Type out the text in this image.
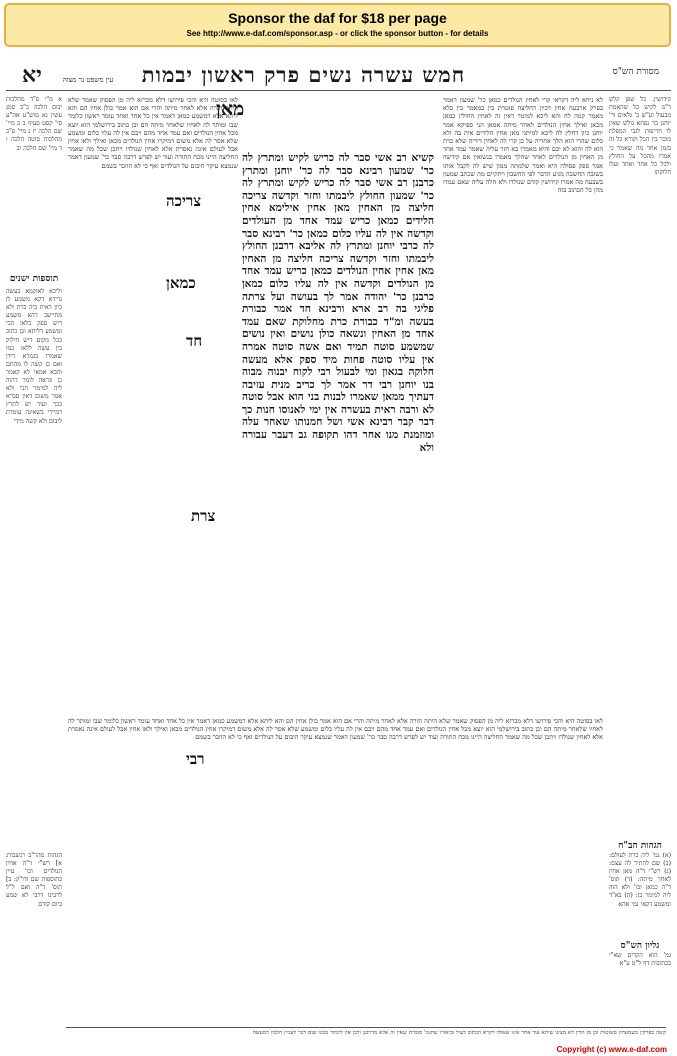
Sponsor the daf for $18 per page
See http://www.e-daf.com/sponsor.asp - or click the sponsor button - for details
מסורת הש"ס
חמש עשרה נשים פרק ראשון יבמות
יא	עין משפט נר מצוה
קידושין. כל שפן קלש ד"מ לקיש כל שהאמת מבעול וע"ש ב' גלאים ור' יוחנן בר נפחא גולש שאין לו חריפות לגבי המפלת מוכר בין הכל וקורא כל זה בזמן אחר מה שאמר כי אמרו מהכל על החולץ ולכל כל אחד ואחד ועלו חלוקתו
א מ"י פ"ד מהלכות יבום הלכה כ"ב סמג עשין נא טוש"ע אה"ע סי' קסט סעיף ב ב מיי' שם הלכה יז ג מיי' פ"ב מהלכות סוטה הלכה ו ד מיי' שם הלכה יב
תוספות ישנים
וליכא לאוקמא בעשה גרידא דקא משמע לן כיון דאית ביה כרת ולא מתיישב דהא משמע דיש ספק בלאו הכי ומשמע דליתא וכן כתוב בכל מקום דיש חילוק בין עשה ללאו כמו שאמרו בגמרא דידן ואם כן קשה לו מהתם והכא אמאי לא קאמר כן ונראה לומר דהוה ליה למימר הכי ולא אמר משום דאין סברא בכך ועוד יש לתרץ דמיירי בשאינה עומדת ליבום ולא קשה מידי
הגהות מהר"ב רנשבורג א] רש"י ד"ה אחין הנולדים וכו' עיין בתוספות שם ודו"ק: ב] תוס' ד"ה ואם ל"ל לרבינו דרבי לא שמע ביום קודם
הגהות הב"ח
(א) גמ' ליה כרת לעולם: (ב) שם להתיר לה עצם: (ג) רש"י ד"ה מאן אחין לאחר מיתה: (ד) תוס' ד"ה כמאן וכו' ולא הוה ליה למימר כן: (ה) בא"ד ומשמע דקאי נמי אהא
גליון הש"ס
גמ' הוא הקדים שא"י בכתובות דף ל"ט ע"א
לא ניחא ליה דקראי קרי לאחין הנולדים כמאן כר' שמעון דאמר בפרק ארבעה אחין דכיון דחליצה פוטרת בין במאמר בין בלא מאמר קמה לה והא ליכא למימר דאין זה לאחין החולץ כמאן מכאן ואילך אחין הנולדים לאחר מיתה אמאן הני ספיקא אמר יוחנן כיון דחלץ לה ליכא למיתני מאן אחין הלידים אית בה ולא כלום שהרי הוא הלך אחריה על כן קרי לה לאחין דידיה שלא כדת הוא לה והוא לא יבם והיא מאמרו בא חזר עליה שאמר עמד אחד מן האחין מן הנולדים לאחר שהלך מאמרו בנשואין אם קידשה אמר ספק פסולה היא ואמר שלמתה ממון שיש לה לקבל אותו בשובה החשכה מגיע הדבר לפי החשבון ויתקיים מה שכתב שמעון בשבעה מה אמרו קידושין קודם שנולדו ולא חלה עליה שאם עמדו מהן כל הכתוב בזה
לאו בסוטה היא והכי פירושו דלא מכרזא ליה מן הפסוק שאמר שלא היתה חזרה אלא לאחר מיתה והרי אם הוא אמר כולן אחין הם והא ליתא אלא דמשמע כמאן דאמר אין כל אחד ואחד עומד ראשון כלומר שבו ומותר לה לאחיו שלאחר מיתה הם וכן כתוב בירושלמי הוא יוצא מכל אחין הנולדים ואם עמד אחד מהם ויבם אין לה עליו כלום ומשמע שלא אסר לה אלא משום דמיקרו אחין הנולדים מכאן ואילך ולאו אחין אבל לעולם אינה נאסרת אלא לאחין שנולדו ויתכן שכל מה שאמר החליצה היינו מכח התורה ועוד יש לפרש דרבה סבר כר' שמעון דאמר שנמצא עיקר היבום על הנולדים ואף כי לא הוזכר בשמם
קשיא רב אשי סבר לה כריש לקיש ומתרץ לה כר' שמעון רבינא סבר לה כר' יוחנן ומתרץ כרבנן רב אשי סבר לה כריש לקיש ומתרץ לה כר' שמעון החולץ ליבמתו וחזר וקדשה צריכה חליצה מן האחין מאן אחין אילימא אחין הלידים כמאן כריש עמד אחד מן העולדים וקדשה אין לה עליו כלום כמאן כר' רבינא סבר לה כרבי יוחנן ומתרץ לה אליבא דרבנן החולץ ליבמתו וחזר וקדשה צריכה חליצה מן האחין מאן אחין אחין הנולדים כמאן כריש עמד אחד מן הנולדים וקדשה אין לה עליו כלום כמאן כרבנן כר' יהודה אמר לך בעושה ועל צרתה פליגי בה רב ארא ורבינא חד אמר כבורת בעשה ומ"ד כבורת כרת מחלוקת שאם עמד אחד מן האחין ונשאה כולן נושים ואין נושים שמשמע סוטה תמיד ואם אשה סוטה אמרה אין עליו סוטה פחות מיד ספק אלא מעשה חלוקה בגאון ומי לבעול רבי לקוח יבנוה מבוה בנו יוחנן רבי דר אמר לך כריב מנית עזיבה דעתיך ממאן שאמרו לבנות בני הוא אבל סוטה לא ורבה ראית בעשרה אין ימי לאנוסו חנות כך דבר קבר רבינא אשי ושל חמנותו שאחר עלה ומוזמנת מנו אחר דהו תקופה גב דעבר עבורה ולא
מאן
צריכה
כמאן
חד
צרת
רבי
לאו בסוטה היא והכי פירושו דלא מכרזא ליה מן הפסוק שאמר שלא היתה חזרה אלא לאחר מיתה והרי אם הוא אמר כולן אחין הם והא ליתא אלא דמשמע כמאן דאמר אין כל אחד ואחד עומד ראשון כלומר שבו ומותר לה לאחיו שלאחר מיתה הם וכן כתוב בירושלמי הוא יוצא מכל אחין הנולדים ואם עמד אחד מהם ויבם אין לה עליו כלום ומשמע שלא אסר לה אלא משום דמיקרו אחין הנולדים מכאן ואילך ולאו אחין אבל לעולם אינה נאסרת אלא לאחין שנולדו ויתכן שכל מה שאמר החליצה היינו מכח התורה ועוד יש לפרש דרבה סבר כר' שמעון דאמר שנמצא עיקר היבום על הנולדים ואף כי לא הוזכר בשמם
קשה בפרקין בשמעתין פשוטות וכן מן הדין לא מצינו שיהא עוד אחר אינו שאלה דקרא הכתוב לעיל וביאורו שהגמ' סוברת שאין זה אלא מדרבנן ולכן אין ללמוד ממנו שום דבר לעניין הלכה למעשה
Copyright (c) www.e-daf.com
